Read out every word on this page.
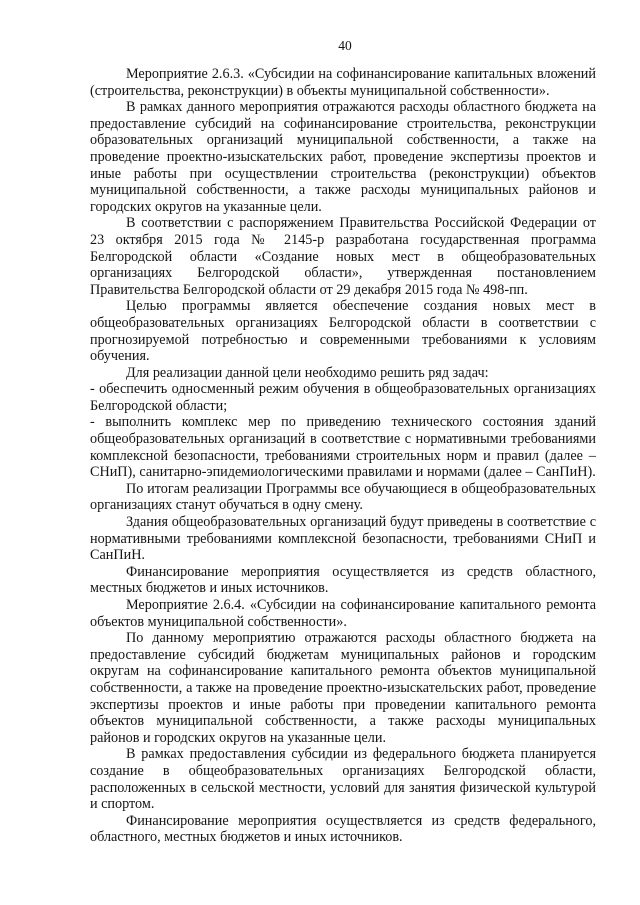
40

Мероприятие 2.6.3. «Субсидии на софинансирование капитальных вложений (строительства, реконструкции) в объекты муниципальной собственности».

В рамках данного мероприятия отражаются расходы областного бюджета на предоставление субсидий на софинансирование строительства, реконструкции образовательных организаций муниципальной собственности, а также на проведение проектно-изыскательских работ, проведение экспертизы проектов и иные работы при осуществлении строительства (реконструкции) объектов муниципальной собственности, а также расходы муниципальных районов и городских округов на указанные цели.

В соответствии с распоряжением Правительства Российской Федерации от 23 октября 2015 года № 2145-р разработана государственная программа Белгородской области «Создание новых мест в общеобразовательных организациях Белгородской области», утвержденная постановлением Правительства Белгородской области от 29 декабря 2015 года № 498-пп.

Целью программы является обеспечение создания новых мест в общеобразовательных организациях Белгородской области в соответствии с прогнозируемой потребностью и современными требованиями к условиям обучения.

Для реализации данной цели необходимо решить ряд задач:

- обеспечить односменный режим обучения в общеобразовательных организациях Белгородской области;

- выполнить комплекс мер по приведению технического состояния зданий общеобразовательных организаций в соответствие с нормативными требованиями комплексной безопасности, требованиями строительных норм и правил (далее – СНиП), санитарно-эпидемиологическими правилами и нормами (далее – СанПиН).

По итогам реализации Программы все обучающиеся в общеобразовательных организациях станут обучаться в одну смену.

Здания общеобразовательных организаций будут приведены в соответствие с нормативными требованиями комплексной безопасности, требованиями СНиП и СанПиН.

Финансирование мероприятия осуществляется из средств областного, местных бюджетов и иных источников.

Мероприятие 2.6.4. «Субсидии на софинансирование капитального ремонта объектов муниципальной собственности».

По данному мероприятию отражаются расходы областного бюджета на предоставление субсидий бюджетам муниципальных районов и городским округам на софинансирование капитального ремонта объектов муниципальной собственности, а также на проведение проектно-изыскательских работ, проведение экспертизы проектов и иные работы при проведении капитального ремонта объектов муниципальной собственности, а также расходы муниципальных районов и городских округов на указанные цели.

В рамках предоставления субсидии из федерального бюджета планируется создание в общеобразовательных организациях Белгородской области, расположенных в сельской местности, условий для занятия физической культурой и спортом.

Финансирование мероприятия осуществляется из средств федерального, областного, местных бюджетов и иных источников.
